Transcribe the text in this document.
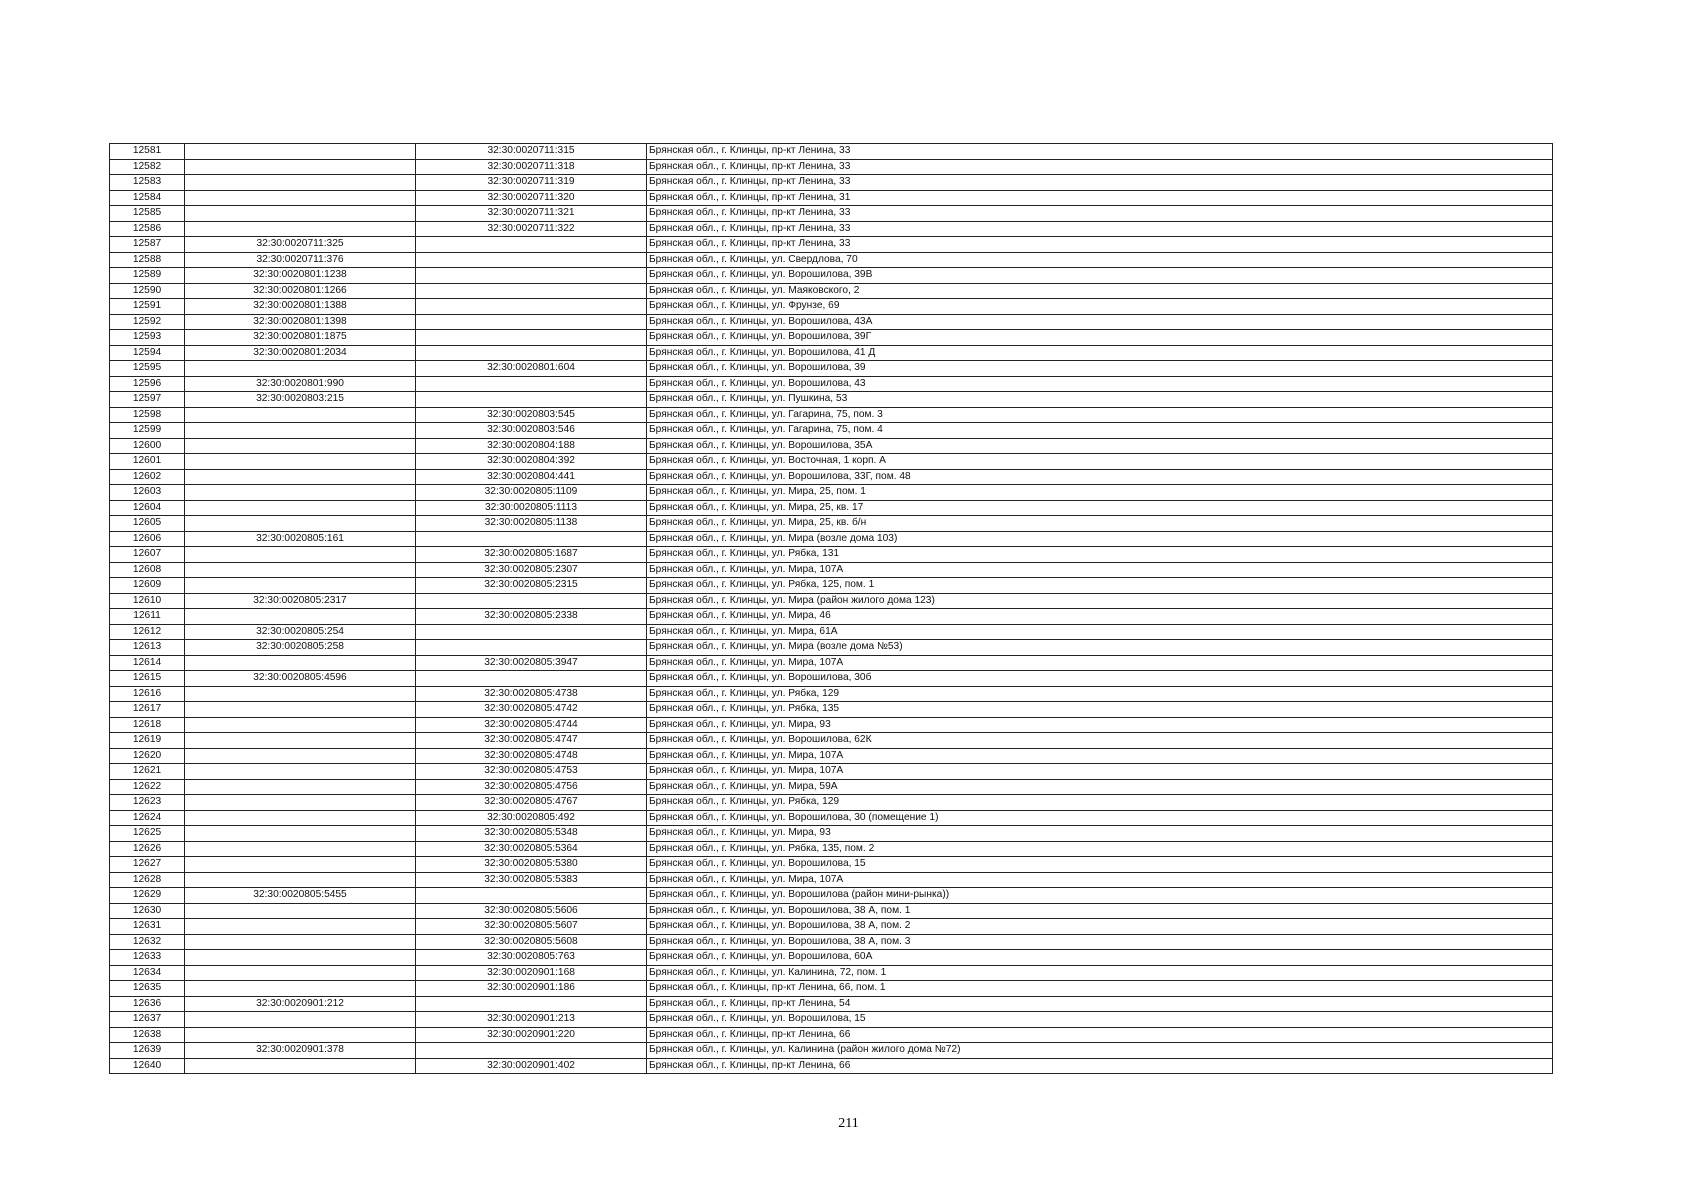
12581		32:30:0020711:315	Брянская обл., г. Клинцы, пр-кт Ленина, 33
12582		32:30:0020711:318	Брянская обл., г. Клинцы, пр-кт Ленина, 33
12583		32:30:0020711:319	Брянская обл., г. Клинцы, пр-кт Ленина, 33
12584		32:30:0020711:320	Брянская обл., г. Клинцы, пр-кт Ленина, 31
12585		32:30:0020711:321	Брянская обл., г. Клинцы, пр-кт Ленина, 33
12586		32:30:0020711:322	Брянская обл., г. Клинцы, пр-кт Ленина, 33
12587	32:30:0020711:325		Брянская обл., г. Клинцы, пр-кт Ленина, 33
12588	32:30:0020711:376		Брянская обл., г. Клинцы, ул. Свердлова, 70
12589	32:30:0020801:1238		Брянская обл., г. Клинцы, ул. Ворошилова, 39В
12590	32:30:0020801:1266		Брянская обл., г. Клинцы, ул. Маяковского, 2
12591	32:30:0020801:1388		Брянская обл., г. Клинцы, ул. Фрунзе, 69
12592	32:30:0020801:1398		Брянская обл., г. Клинцы, ул. Ворошилова, 43А
12593	32:30:0020801:1875		Брянская обл., г. Клинцы, ул. Ворошилова, 39Г
12594	32:30:0020801:2034		Брянская обл., г. Клинцы, ул. Ворошилова, 41 Д
12595		32:30:0020801:604	Брянская обл., г. Клинцы, ул. Ворошилова, 39
12596	32:30:0020801:990		Брянская обл., г. Клинцы, ул. Ворошилова, 43
12597	32:30:0020803:215		Брянская обл., г. Клинцы, ул. Пушкина, 53
12598		32:30:0020803:545	Брянская обл., г. Клинцы, ул. Гагарина, 75, пом. 3
12599		32:30:0020803:546	Брянская обл., г. Клинцы, ул. Гагарина, 75, пом. 4
12600		32:30:0020804:188	Брянская обл., г. Клинцы, ул. Ворошилова, 35А
12601		32:30:0020804:392	Брянская обл., г. Клинцы, ул. Восточная, 1 корп. А
12602		32:30:0020804:441	Брянская обл., г. Клинцы, ул. Ворошилова, 33Г, пом. 48
12603		32:30:0020805:1109	Брянская обл., г. Клинцы, ул. Мира, 25, пом. 1
12604		32:30:0020805:1113	Брянская обл., г. Клинцы, ул. Мира, 25, кв. 17
12605		32:30:0020805:1138	Брянская обл., г. Клинцы, ул. Мира, 25, кв. б/н
12606	32:30:0020805:161		Брянская обл., г. Клинцы, ул. Мира (возле дома 103)
12607		32:30:0020805:1687	Брянская обл., г. Клинцы, ул. Рябка, 131
12608		32:30:0020805:2307	Брянская обл., г. Клинцы, ул. Мира, 107А
12609		32:30:0020805:2315	Брянская обл., г. Клинцы, ул. Рябка, 125, пом. 1
12610	32:30:0020805:2317		Брянская обл., г. Клинцы, ул. Мира (район жилого дома 123)
12611		32:30:0020805:2338	Брянская обл., г. Клинцы, ул. Мира, 46
12612	32:30:0020805:254		Брянская обл., г. Клинцы, ул. Мира, 61А
12613	32:30:0020805:258		Брянская обл., г. Клинцы, ул. Мира (возле дома №53)
12614		32:30:0020805:3947	Брянская обл., г. Клинцы, ул. Мира, 107А
12615	32:30:0020805:4596		Брянская обл., г. Клинцы, ул. Ворошилова, 30б
12616		32:30:0020805:4738	Брянская обл., г. Клинцы, ул. Рябка, 129
12617		32:30:0020805:4742	Брянская обл., г. Клинцы, ул. Рябка, 135
12618		32:30:0020805:4744	Брянская обл., г. Клинцы, ул. Мира, 93
12619		32:30:0020805:4747	Брянская обл., г. Клинцы, ул. Ворошилова, 62К
12620		32:30:0020805:4748	Брянская обл., г. Клинцы, ул. Мира, 107А
12621		32:30:0020805:4753	Брянская обл., г. Клинцы, ул. Мира, 107А
12622		32:30:0020805:4756	Брянская обл., г. Клинцы, ул. Мира, 59А
12623		32:30:0020805:4767	Брянская обл., г. Клинцы, ул. Рябка, 129
12624		32:30:0020805:492	Брянская обл., г. Клинцы, ул. Ворошилова, 30 (помещение 1)
12625		32:30:0020805:5348	Брянская обл., г. Клинцы, ул. Мира, 93
12626		32:30:0020805:5364	Брянская обл., г. Клинцы, ул. Рябка, 135, пом. 2
12627		32:30:0020805:5380	Брянская обл., г. Клинцы, ул. Ворошилова, 15
12628		32:30:0020805:5383	Брянская обл., г. Клинцы, ул. Мира, 107А
12629	32:30:0020805:5455		Брянская обл., г. Клинцы, ул. Ворошилова (район мини-рынка))
12630		32:30:0020805:5606	Брянская обл., г. Клинцы, ул. Ворошилова, 38 А, пом. 1
12631		32:30:0020805:5607	Брянская обл., г. Клинцы, ул. Ворошилова, 38 А, пом. 2
12632		32:30:0020805:5608	Брянская обл., г. Клинцы, ул. Ворошилова, 38 А, пом. 3
12633		32:30:0020805:763	Брянская обл., г. Клинцы, ул. Ворошилова, 60А
12634		32:30:0020901:168	Брянская обл., г. Клинцы, ул. Калинина, 72, пом. 1
12635		32:30:0020901:186	Брянская обл., г. Клинцы, пр-кт Ленина, 66, пом. 1
12636	32:30:0020901:212		Брянская обл., г. Клинцы, пр-кт Ленина, 54
12637		32:30:0020901:213	Брянская обл., г. Клинцы, ул. Ворошилова, 15
12638		32:30:0020901:220	Брянская обл., г. Клинцы, пр-кт Ленина, 66
12639	32:30:0020901:378		Брянская обл., г. Клинцы, ул. Калинина (район жилого дома №72)
12640		32:30:0020901:402	Брянская обл., г. Клинцы, пр-кт Ленина, 66
211
